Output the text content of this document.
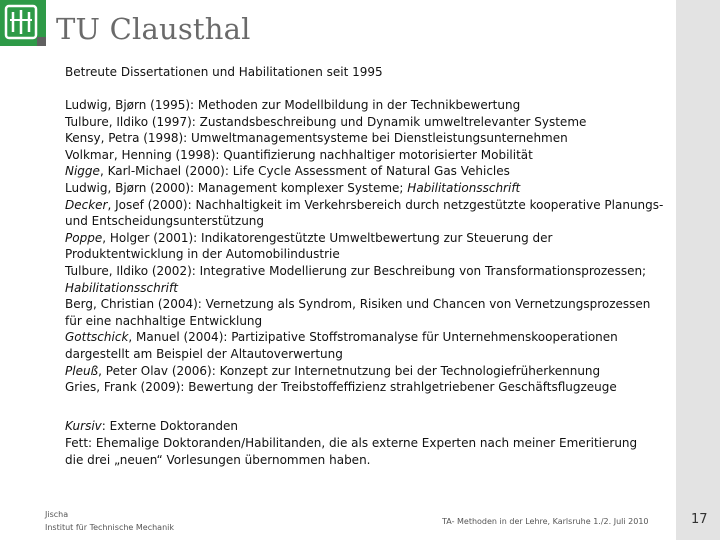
TU Clausthal
Betreute Dissertationen und Habilitationen seit 1995
Ludwig, Bjørn (1995): Methoden zur Modellbildung in der Technikbewertung
Tulbure, Ildiko (1997): Zustandsbeschreibung und Dynamik umweltrelevanter Systeme
Kensy, Petra (1998): Umweltmanagementsysteme bei Dienstleistungsunternehmen
Volkmar, Henning (1998): Quantifizierung nachhaltiger motorisierter Mobilität
Nigge, Karl-Michael (2000): Life Cycle Assessment of Natural Gas Vehicles
Ludwig, Bjørn (2000): Management komplexer Systeme; Habilitationsschrift
Decker, Josef (2000): Nachhaltigkeit im Verkehrsbereich durch netzgestützte kooperative Planungs- und Entscheidungsunterstützung
Poppe, Holger (2001): Indikatorengestützte Umweltbewertung zur Steuerung der Produktentwicklung in der Automobilindustrie
Tulbure, Ildiko (2002): Integrative Modellierung zur Beschreibung von Transformationsprozessen; Habilitationsschrift
Berg, Christian (2004): Vernetzung als Syndrom, Risiken und Chancen von Vernetzungsprozessen für eine nachhaltige Entwicklung
Gottschick, Manuel (2004): Partizipative Stoffstromanalyse für Unternehmenskooperationen dargestellt am Beispiel der Altautoverwertung
Pleuß, Peter Olav (2006): Konzept zur Internetnutzung bei der Technologiefrüherkennung
Gries, Frank (2009): Bewertung der Treibstoffeffizienz strahlgetriebener Geschäftsflugzeuge

Kursiv: Externe Doktoranden

Fett: Ehemalige Doktoranden/Habilitanden, die als externe Experten nach meiner Emeritierung die drei „neuen“ Vorlesungen übernommen haben.

Jischa
Institut für Technische Mechanik
TA- Methoden in der Lehre, Karlsruhe 1./2. Juli 2010	17
